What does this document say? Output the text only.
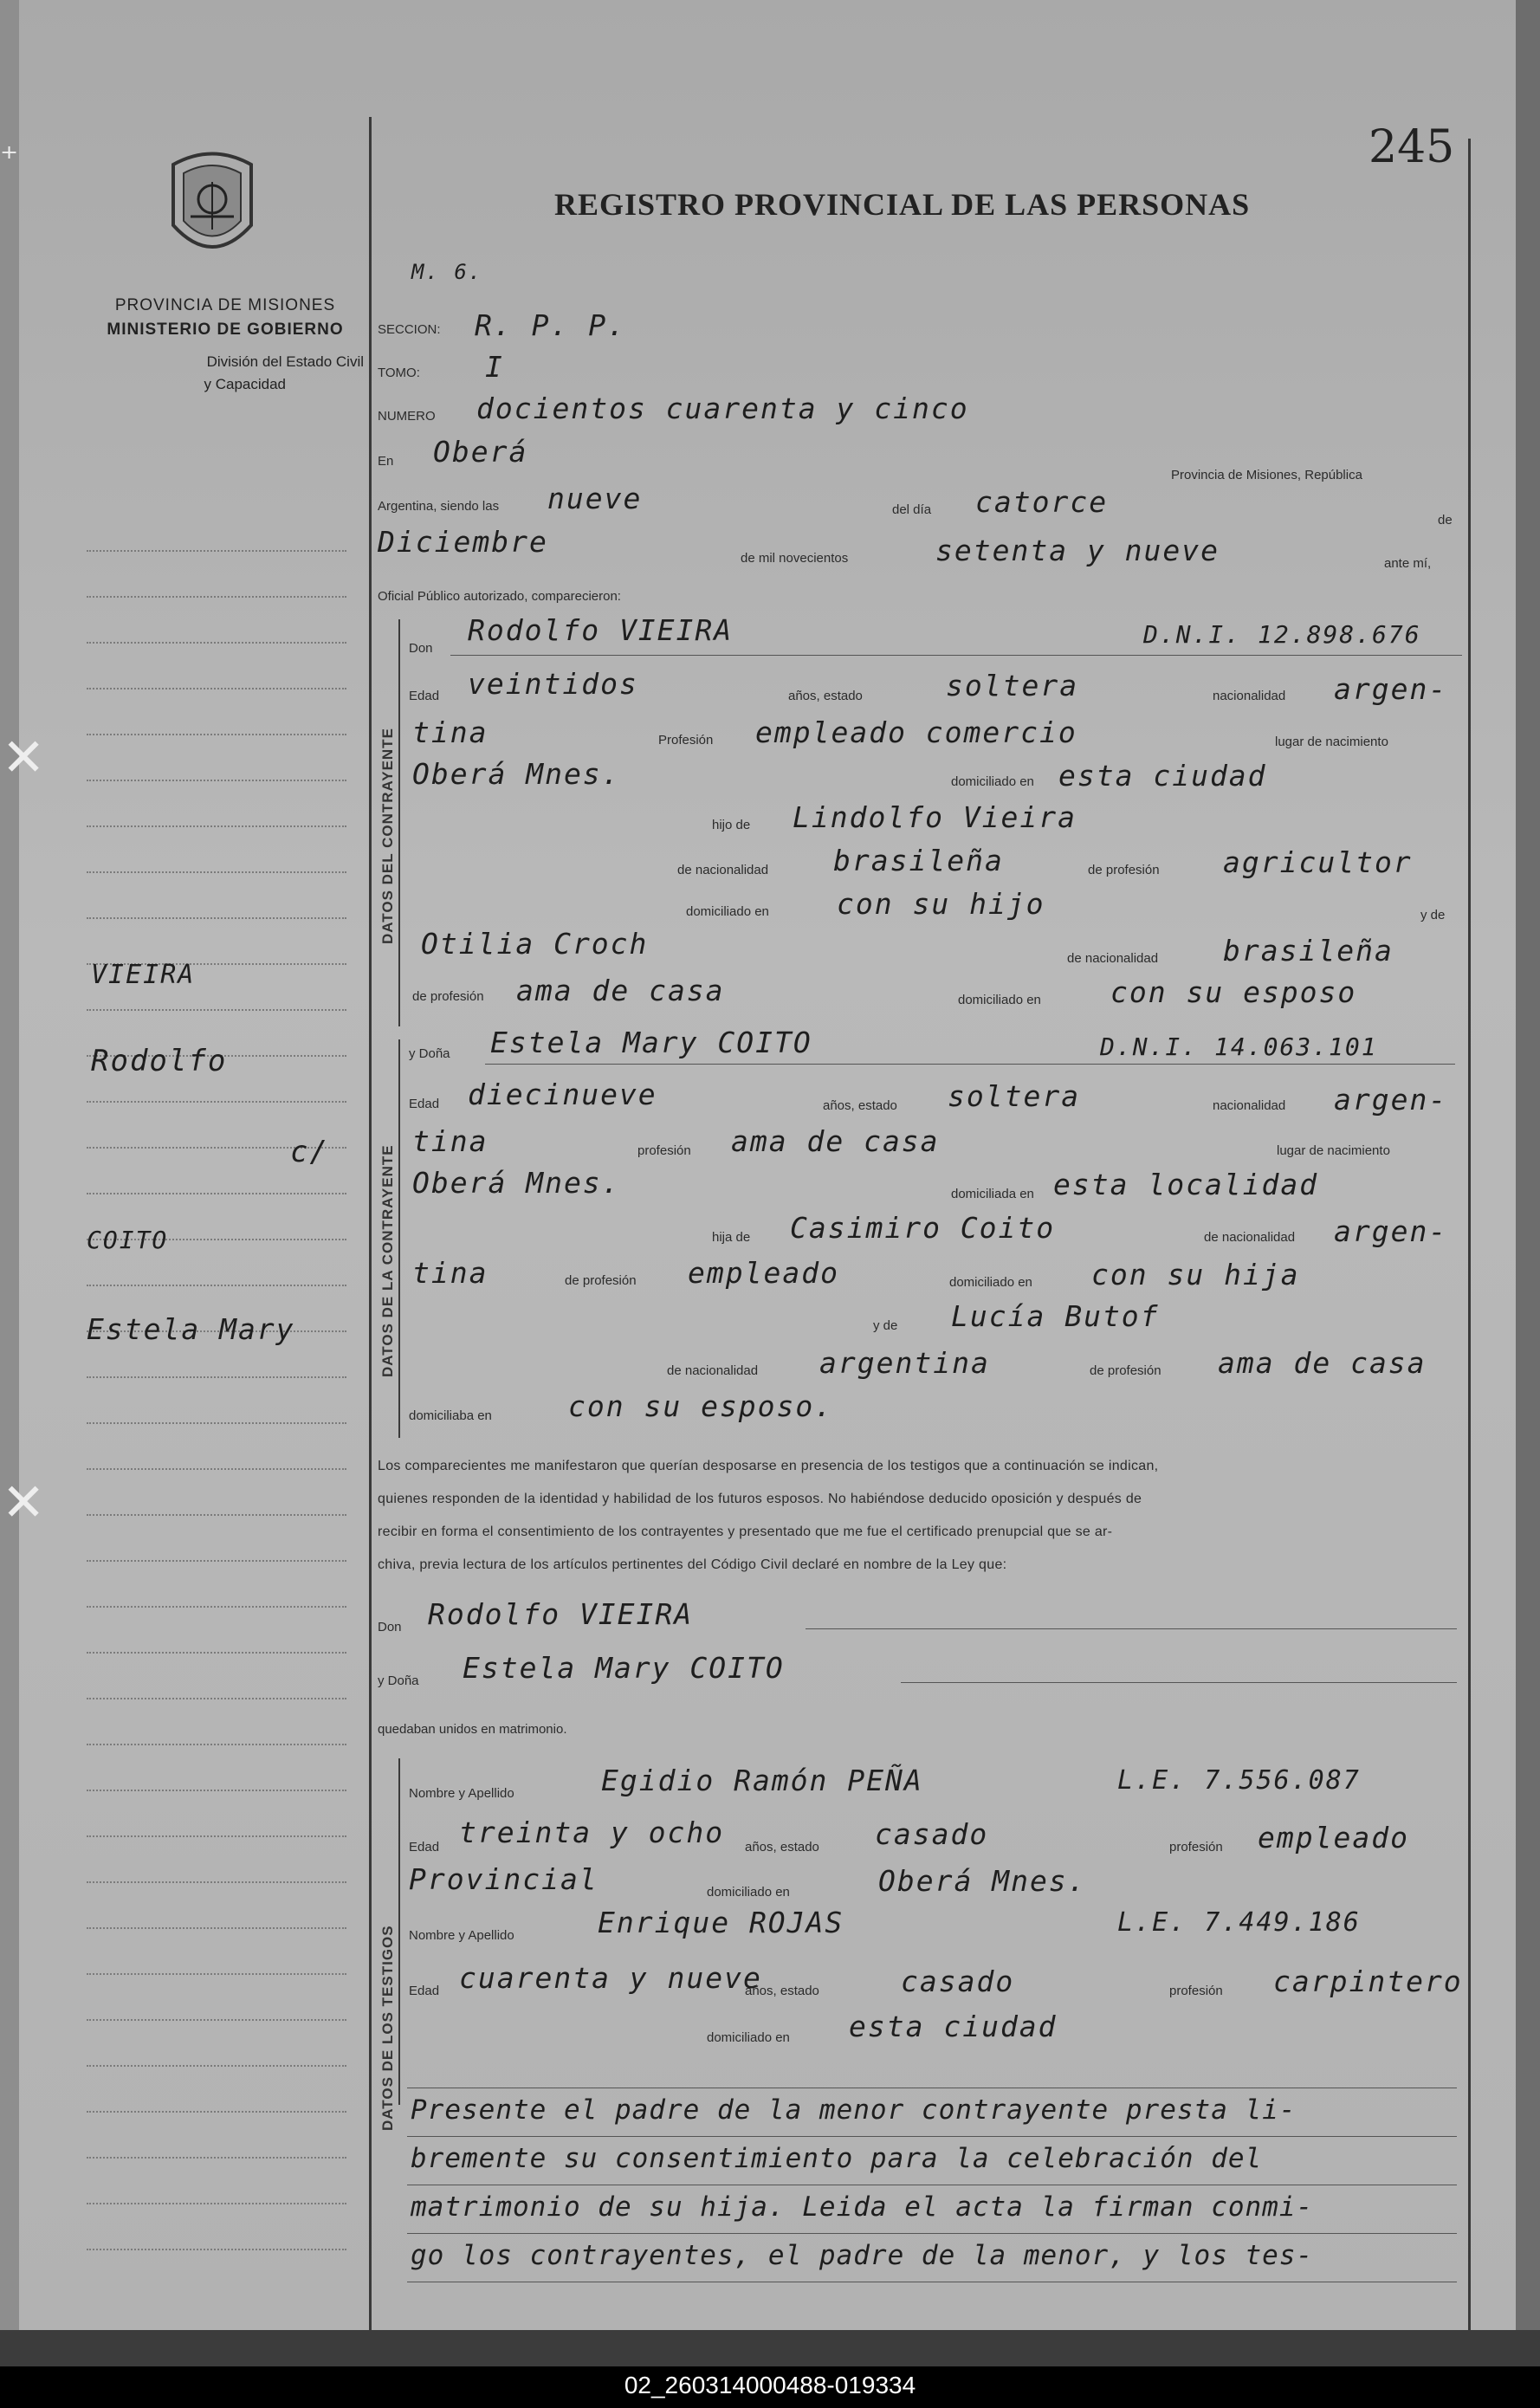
⁺
✕
✕
245
PROVINCIA DE MISIONES
MINISTERIO DE GOBIERNO
División del Estado Civil
y Capacidad
REGISTRO PROVINCIAL DE LAS PERSONAS
M. 6.
VIEIRA
Rodolfo
c/
COITO
Estela Mary
SECCION: R. P. P.
TOMO: I
NUMERO docientos cuarenta y cinco
En Oberá
Provincia de Misiones, República
Argentina, siendo las nueve	del día catorce
de
Diciembre	de mil novecientos	setenta y nueve	ante mí,
Oficial Público autorizado, comparecieron:
DATOS DEL CONTRAYENTE
Don
Rodolfo VIEIRA	D.N.I. 12.898.676
Edad veintidos	años, estado	soltera	nacionalidad argen-
tina	Profesión empleado comercio	lugar de nacimiento
Oberá Mnes.	domiciliado en esta ciudad
hijo de Lindolfo Vieira
de nacionalidad brasileña	de profesión agricultor
domiciliado en con su hijo	y de
Otilia Croch	de nacionalidad brasileña
de profesión ama de casa	domiciliado en con su esposo
DATOS DE LA CONTRAYENTE
y Doña Estela Mary COITO	D.N.I. 14.063.101
Edad diecinueve	años, estado soltera	nacionalidad argen-
tina	profesión ama de casa	lugar de nacimiento
Oberá Mnes.	domiciliada en esta localidad
hija de Casimiro Coito	de nacionalidad argen-
tina	de profesión empleado	domiciliado en con su hija
y de Lucía Butof
de nacionalidad argentina	de profesión ama de casa
domiciliaba en	con su esposo.
Los comparecientes me manifestaron que querían desposarse en presencia de los testigos que a continuación se indican,
quienes responden de la identidad y habilidad de los futuros esposos. No habiéndose deducido oposición y después de
recibir en forma el consentimiento de los contrayentes y presentado que me fue el certificado prenupcial que se ar-
chiva, previa lectura de los artículos pertinentes del Código Civil declaré en nombre de la Ley que:
Don Rodolfo VIEIRA
y Doña Estela Mary COITO
quedaban unidos en matrimonio.
DATOS DE LOS TESTIGOS
Nombre y Apellido	Egidio Ramón PEÑA	L.E. 7.556.087
Edad treinta y ocho años, estado casado	profesión empleado
Provincial	domiciliado en	Oberá Mnes.
Nombre y Apellido	Enrique ROJAS	L.E. 7.449.186
Edad cuarenta y nueve
años, estado	casado	profesión carpintero
domiciliado en esta ciudad
Presente el padre de la menor contrayente presta li-
bremente su consentimiento para la celebración del
matrimonio de su hija. Leida el acta la firman conmi-
go los contrayentes, el padre de la menor, y los tes-
02_260314000488-019334
